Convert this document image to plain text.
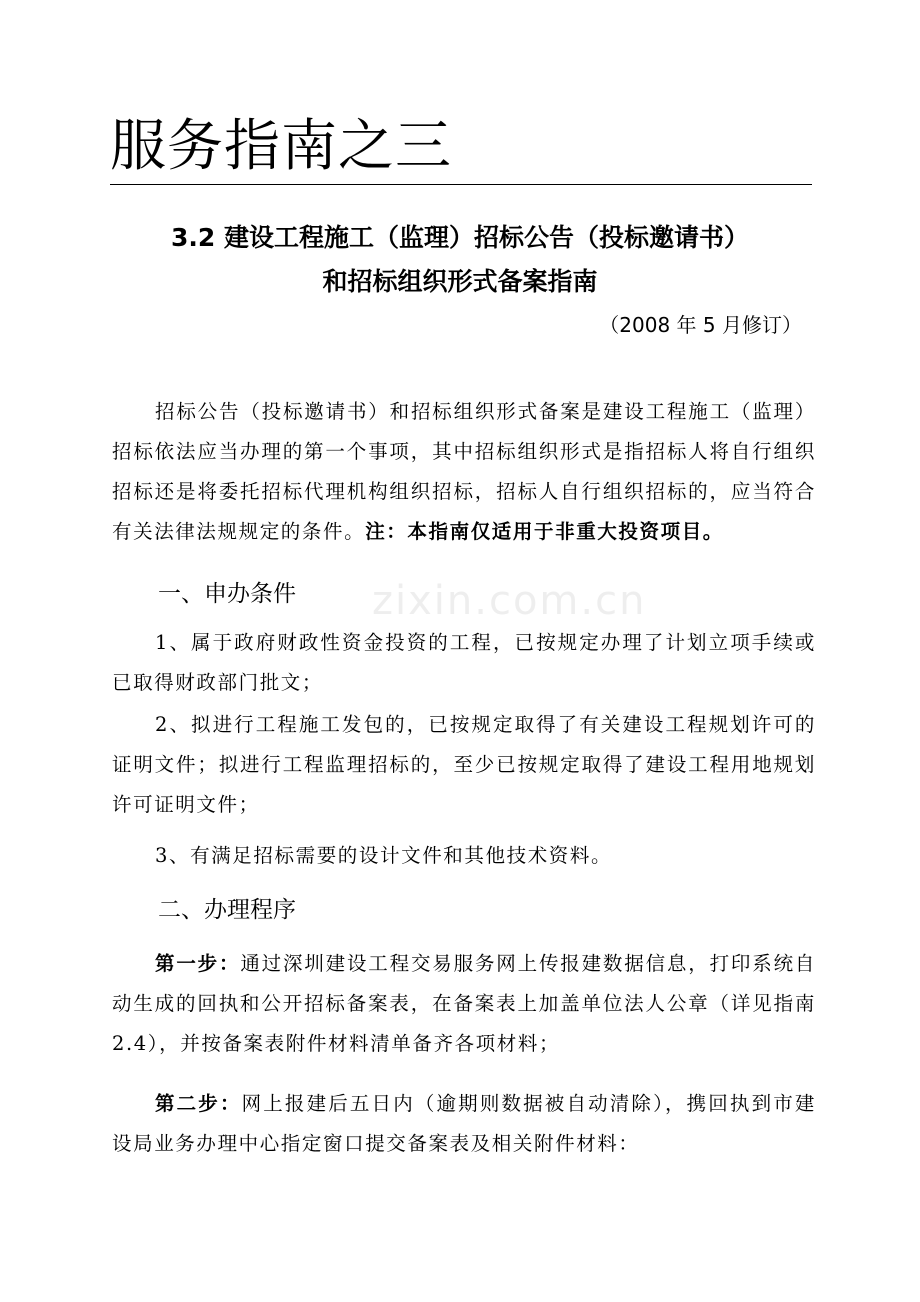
服务指南之三
3.2 建设工程施工（监理）招标公告（投标邀请书）
和招标组织形式备案指南
（2008 年 5 月修订）

招标公告（投标邀请书）和招标组织形式备案是建设工程施工（监理）招标依法应当办理的第一个事项，其中招标组织形式是指招标人将自行组织招标还是将委托招标代理机构组织招标，招标人自行组织招标的，应当符合有关法律法规规定的条件。注：本指南仅适用于非重大投资项目。

一、申办条件

1、属于政府财政性资金投资的工程，已按规定办理了计划立项手续或已取得财政部门批文；

2、拟进行工程施工发包的，已按规定取得了有关建设工程规划许可的证明文件；拟进行工程监理招标的，至少已按规定取得了建设工程用地规划许可证明文件；

3、有满足招标需要的设计文件和其他技术资料。

二、办理程序

第一步：通过深圳建设工程交易服务网上传报建数据信息，打印系统自动生成的回执和公开招标备案表，在备案表上加盖单位法人公章（详见指南 2.4），并按备案表附件材料清单备齐各项材料；

第二步：网上报建后五日内（逾期则数据被自动清除），携回执到市建设局业务办理中心指定窗口提交备案表及相关附件材料：

zixin.com.cn
